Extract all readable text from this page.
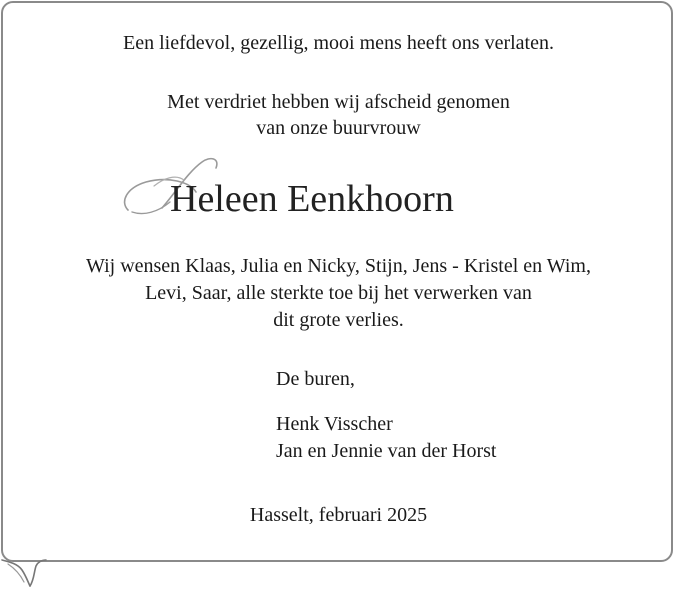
Een liefdevol, gezellig, mooi mens heeft ons verlaten.
Met verdriet hebben wij afscheid genomen
van onze buurvrouw
Heleen Eenkhoorn
Wij wensen Klaas, Julia en Nicky, Stijn, Jens - Kristel en Wim,
Levi, Saar, alle sterkte toe bij het verwerken van
dit grote verlies.
De buren,
Henk Visscher
Jan en Jennie van der Horst
Hasselt, februari 2025
